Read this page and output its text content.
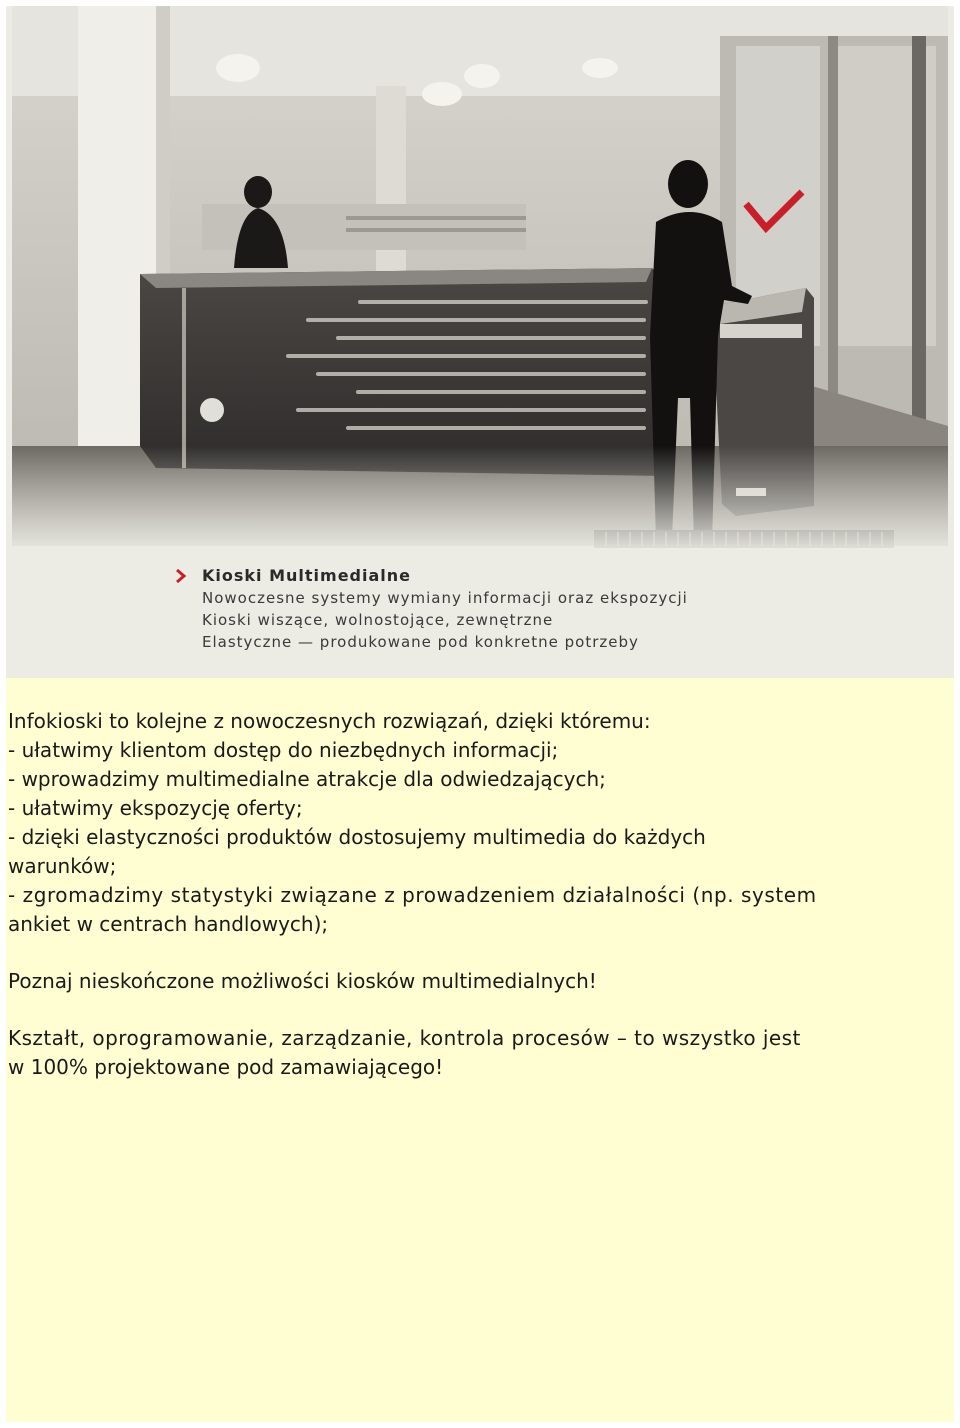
Kioski Multimedialne
Nowoczesne systemy wymiany informacji oraz ekspozycji
Kioski wiszące, wolnostojące, zewnętrzne
Elastyczne — produkowane pod konkretne potrzeby

Infokioski to kolejne z nowoczesnych rozwiązań, dzięki któremu:

- ułatwimy klientom dostęp do niezbędnych informacji;

- wprowadzimy multimedialne atrakcje dla odwiedzających;

- ułatwimy ekspozycję oferty;

- dzięki elastyczności produktów dostosujemy multimedia do każdych

warunków;

- zgromadzimy statystyki związane z prowadzeniem działalności (np. system

ankiet w centrach handlowych);

Poznaj nieskończone możliwości kiosków multimedialnych!

Kształt, oprogramowanie, zarządzanie, kontrola procesów – to wszystko jest

w 100% projektowane pod zamawiającego!
